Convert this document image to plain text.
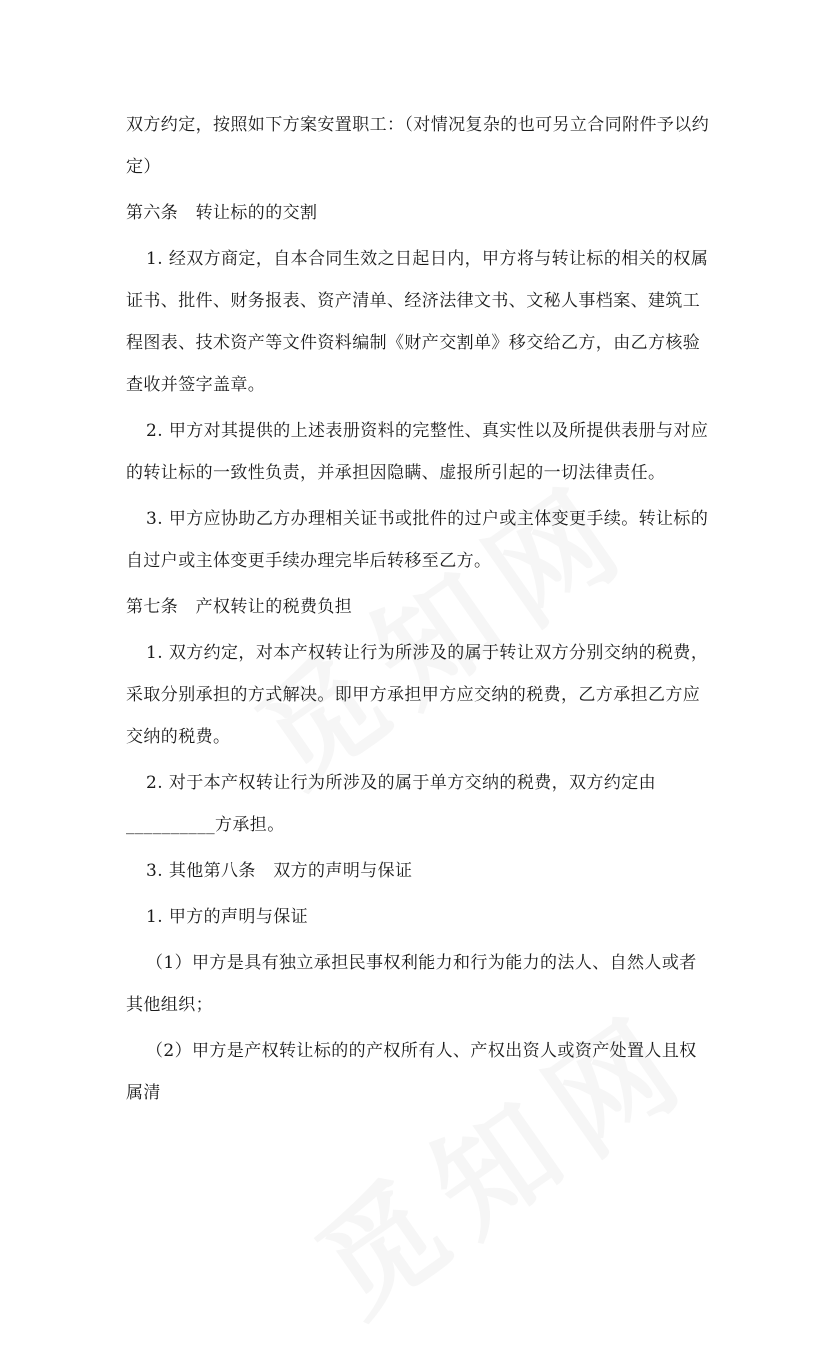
双方约定，按照如下方案安置职工：（对情况复杂的也可另立合同附件予以约定）

第六条　转让标的的交割

1. 经双方商定，自本合同生效之日起日内，甲方将与转让标的相关的权属证书、批件、财务报表、资产清单、经济法律文书、文秘人事档案、建筑工程图表、技术资产等文件资料编制《财产交割单》移交给乙方，由乙方核验查收并签字盖章。

2. 甲方对其提供的上述表册资料的完整性、真实性以及所提供表册与对应的转让标的一致性负责，并承担因隐瞒、虚报所引起的一切法律责任。

3. 甲方应协助乙方办理相关证书或批件的过户或主体变更手续。转让标的自过户或主体变更手续办理完毕后转移至乙方。

第七条　产权转让的税费负担

1. 双方约定，对本产权转让行为所涉及的属于转让双方分别交纳的税费，采取分别承担的方式解决。即甲方承担甲方应交纳的税费，乙方承担乙方应交纳的税费。

2. 对于本产权转让行为所涉及的属于单方交纳的税费，双方约定由__________方承担。

3. 其他第八条　双方的声明与保证

1. 甲方的声明与保证

（1）甲方是具有独立承担民事权利能力和行为能力的法人、自然人或者其他组织；

（2）甲方是产权转让标的的产权所有人、产权出资人或资产处置人且权属清
